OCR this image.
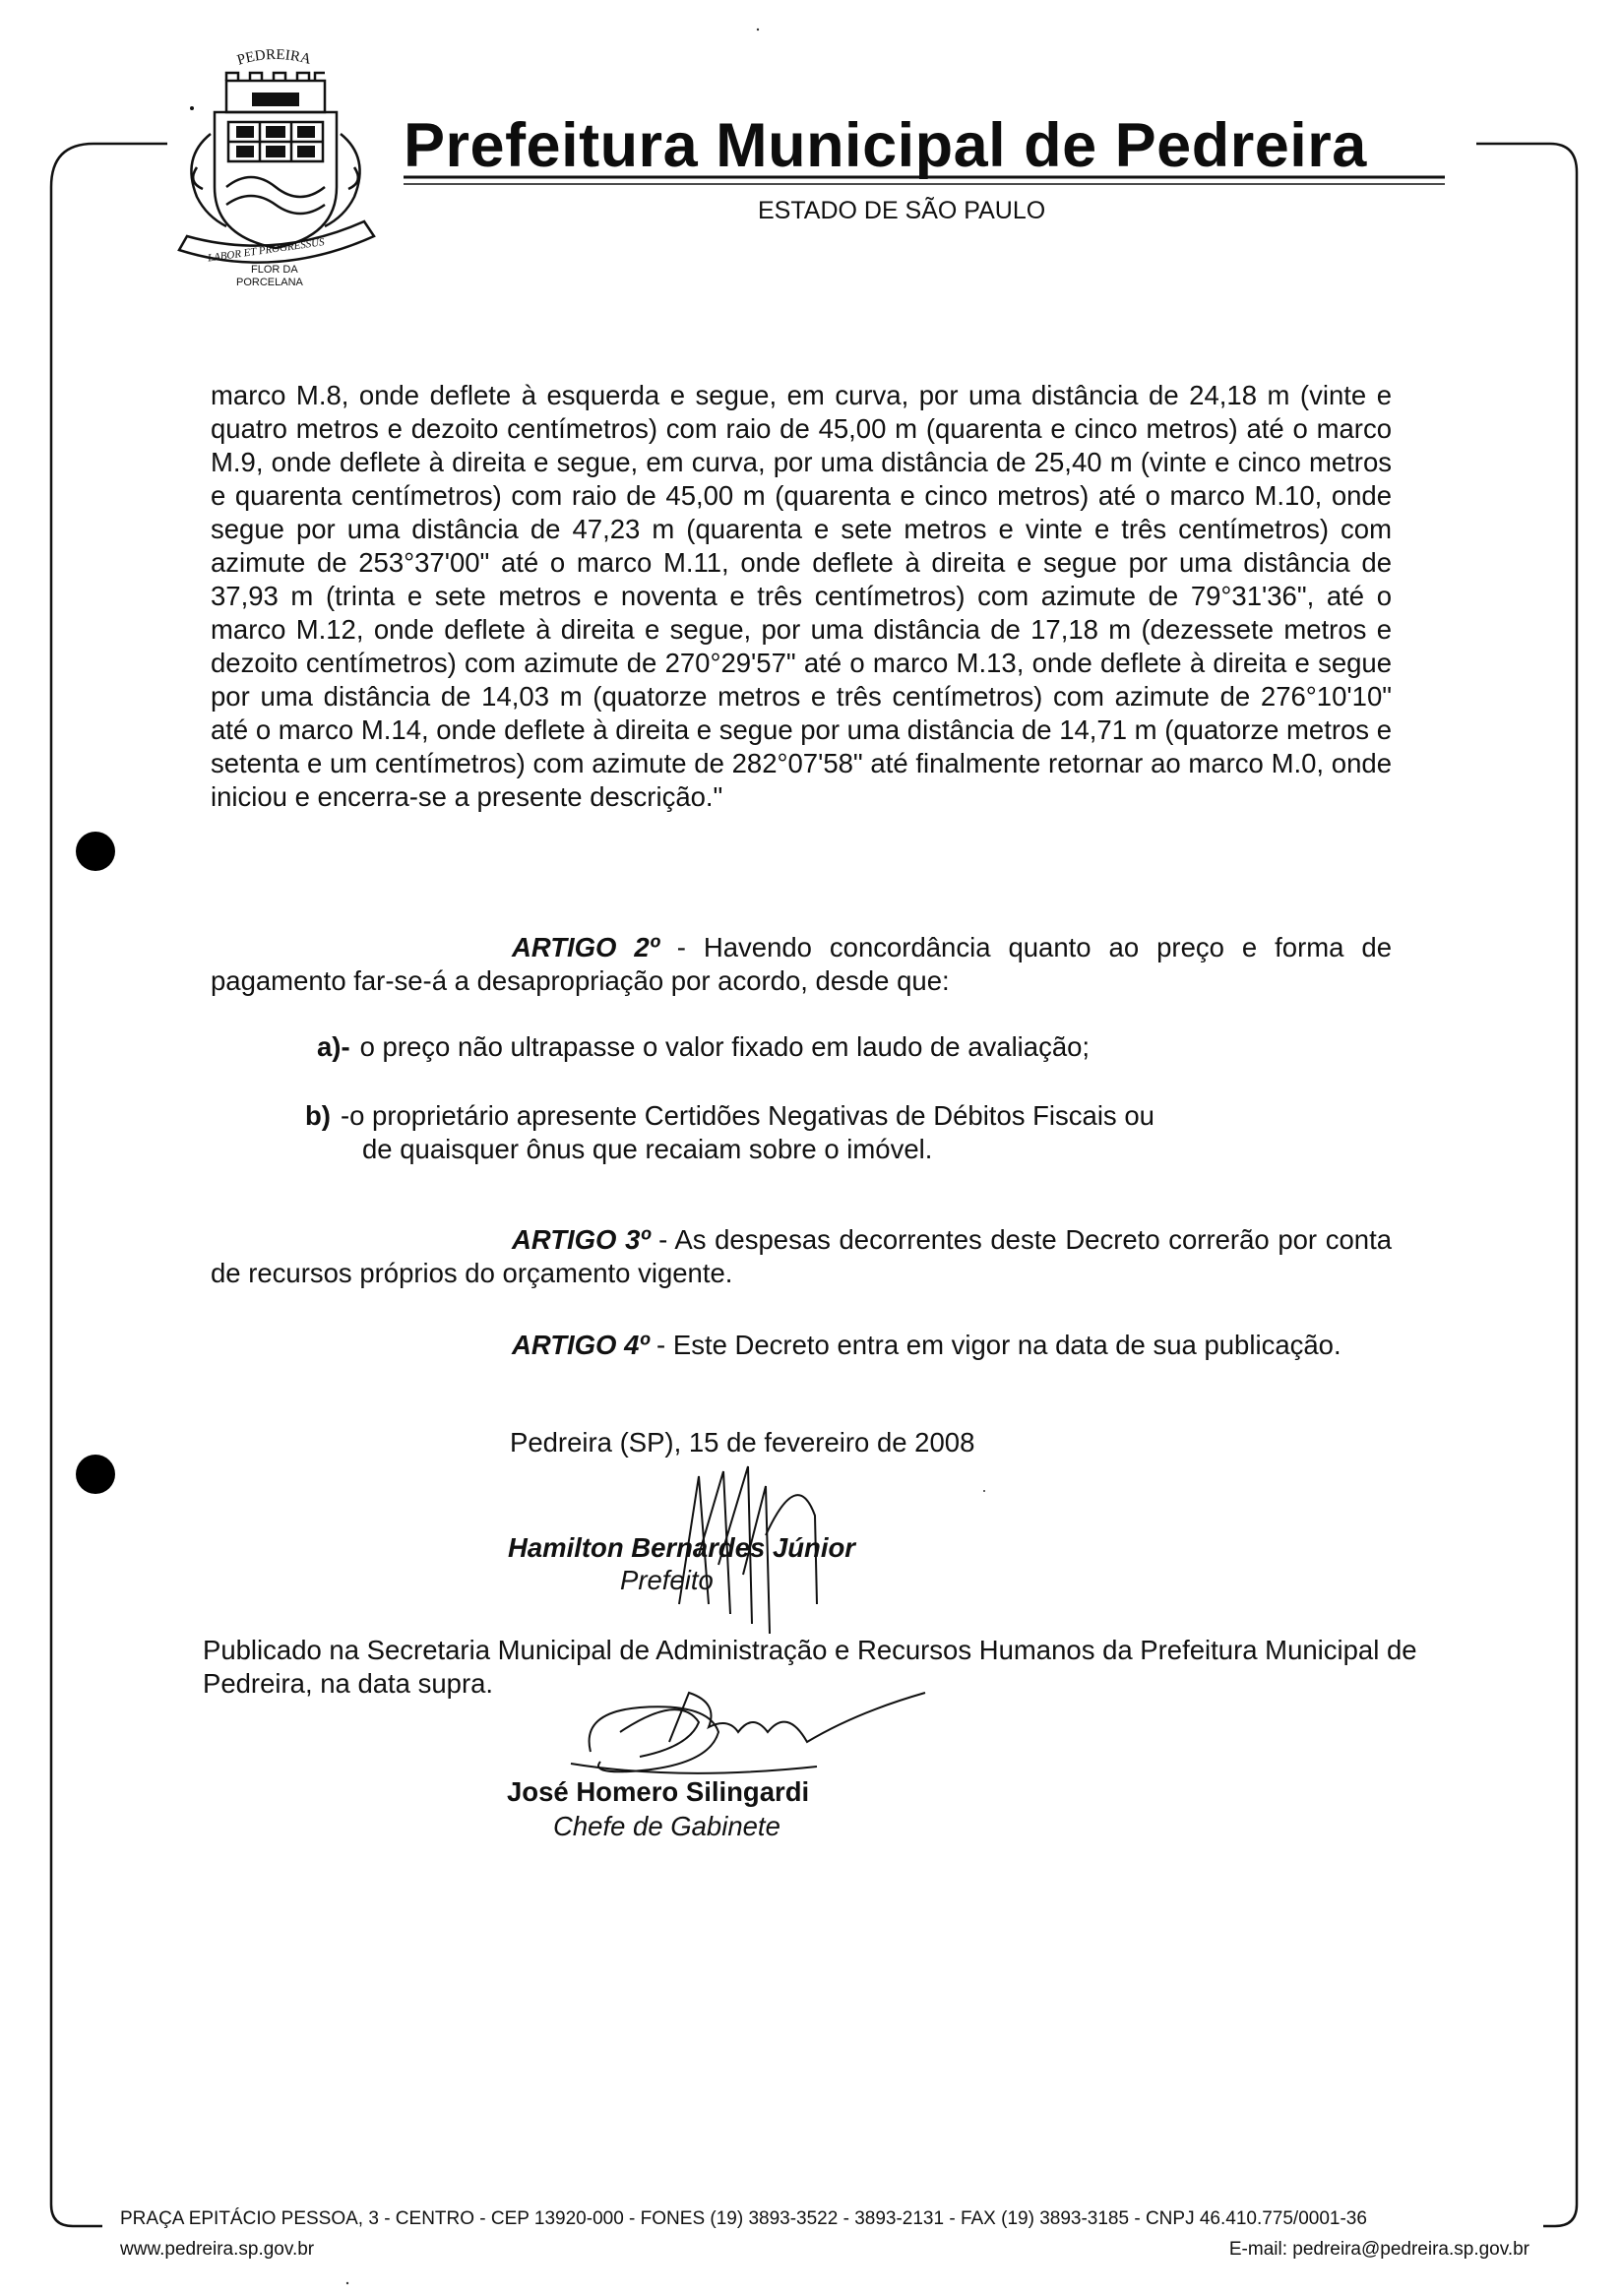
PEDREIRA
LABOR ET PROGRESSUS
FLOR DA
PORCELANA
Prefeitura Municipal de Pedreira
ESTADO DE SÃO PAULO

marco M.8, onde deflete à esquerda e segue, em curva, por uma distância de 24,18 m (vinte e quatro metros e dezoito centímetros) com raio de 45,00 m (quarenta e cinco metros) até o marco M.9, onde deflete à direita e segue, em curva, por uma distância de 25,40 m (vinte e cinco metros e quarenta centímetros) com raio de 45,00 m (quarenta e cinco metros) até o marco M.10, onde segue por uma distância de 47,23 m (quarenta e sete metros e vinte e três centímetros) com azimute de 253°37'00" até o marco M.11, onde deflete à direita e segue por uma distância de 37,93 m (trinta e sete metros e noventa e três centímetros) com azimute de 79°31'36", até o marco M.12, onde deflete à direita e segue, por uma distância de 17,18 m (dezessete metros e dezoito centímetros) com azimute de 270°29'57" até o marco M.13, onde deflete à direita e segue por uma distância de 14,03 m (quatorze metros e três centímetros) com azimute de 276°10'10" até o marco M.14, onde deflete à direita e segue por uma distância de 14,71 m (quatorze metros e setenta e um centímetros) com azimute de 282°07'58" até finalmente retornar ao marco M.0, onde iniciou e encerra-se a presente descrição."

ARTIGO 2º - Havendo concordância quanto ao preço e forma de pagamento far-se-á a desapropriação por acordo, desde que:
a)- o preço não ultrapasse o valor fixado em laudo de avaliação;
b) -o proprietário apresente Certidões Negativas de Débitos Fiscais ou
de quaisquer ônus que recaiam sobre o imóvel.
ARTIGO 3º - As despesas decorrentes deste Decreto correrão por conta de recursos próprios do orçamento vigente.
ARTIGO 4º - Este Decreto entra em vigor na data de sua publicação.
Pedreira (SP), 15 de fevereiro de 2008
Hamilton Bernardes Júnior
Prefeito
Publicado na Secretaria Municipal de Administração e Recursos Humanos da Prefeitura Municipal de Pedreira, na data supra.
José Homero Silingardi
Chefe de Gabinete
PRAÇA EPITÁCIO PESSOA, 3 - CENTRO - CEP 13920-000 - FONES (19) 3893-3522 - 3893-2131 - FAX (19) 3893-3185 - CNPJ 46.410.775/0001-36
www.pedreira.sp.gov.br	E-mail: pedreira@pedreira.sp.gov.br
